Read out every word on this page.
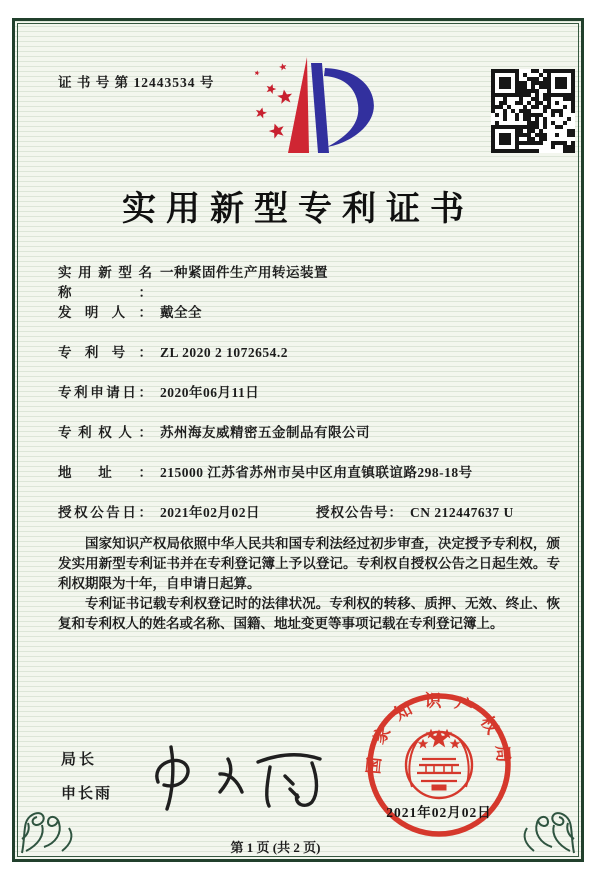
证 书 号 第 12443534 号
实用新型专利证书
实用新型名称：
一种紧固件生产用转运装置
发明人： 戴全全
专利号： ZL 2020 2 1072654.2
专利申请日： 2020年06月11日
专利权人： 苏州海友威精密五金制品有限公司
地址： 215000 江苏省苏州市吴中区甪直镇联谊路298-18号
授权公告日： 2021年02月02日	授权公告号： CN 212447637 U

国家知识产权局依照中华人民共和国专利法经过初步审查，决定授予专利权，颁发实用新型专利证书并在专利登记簿上予以登记。专利权自授权公告之日起生效。专利权期限为十年，自申请日起算。

专利证书记载专利权登记时的法律状况。专利权的转移、质押、无效、终止、恢复和专利权人的姓名或名称、国籍、地址变更等事项记载在专利登记簿上。

局长
申长雨
国家知识产权局
2021年02月02日
第 1 页 (共 2 页)
